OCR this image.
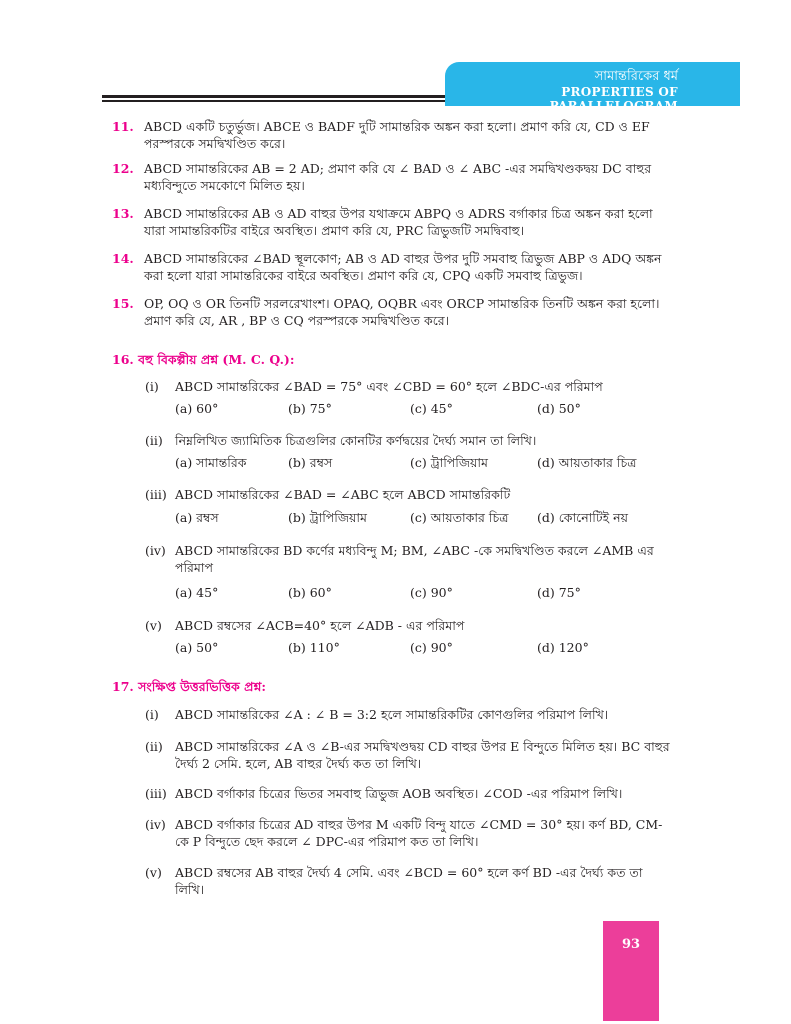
সামান্তরিকের ধর্ম
PROPERTIES OF PARALLELOGRAM
11. ABCD একটি চতুর্ভুজ। ABCE ও BADF দুটি সামান্তরিক অঙ্কন করা হলো। প্রমাণ করি যে, CD ও EF পরস্পরকে সমদ্বিখণ্ডিত করে।
12. ABCD সামান্তরিকের AB = 2 AD; প্রমাণ করি যে ∠ BAD ও ∠ ABC -এর সমদ্বিখণ্ডকদ্বয় DC বাহুর মধ্যবিন্দুতে সমকোণে মিলিত হয়।
13. ABCD সামান্তরিকের AB ও AD বাহুর উপর যথাক্রমে ABPQ ও ADRS বর্গাকার চিত্র অঙ্কন করা হলো যারা সামান্তরিকটির বাইরে অবস্থিত। প্রমাণ করি যে, PRC ত্রিভুজটি সমদ্বিবাহু।
14. ABCD সামান্তরিকের ∠BAD স্থূলকোণ; AB ও AD বাহুর উপর দুটি সমবাহু ত্রিভুজ ABP ও ADQ অঙ্কন করা হলো যারা সামান্তরিকের বাইরে অবস্থিত। প্রমাণ করি যে, CPQ একটি সমবাহু ত্রিভুজ।
15. OP, OQ ও OR তিনটি সরলরেখাংশ। OPAQ, OQBR এবং ORCP সামান্তরিক তিনটি অঙ্কন করা হলো। প্রমাণ করি যে, AR , BP ও CQ পরস্পরকে সমদ্বিখণ্ডিত করে।
16. বহু বিকল্পীয় প্রশ্ন (M. C. Q.):
(i) ABCD সামান্তরিকের ∠BAD = 75° এবং ∠CBD = 60° হলে ∠BDC-এর পরিমাপ
(a) 60°	(b) 75°	(c) 45°	(d) 50°
(ii) নিম্নলিখিত জ্যামিতিক চিত্রগুলির কোনটির কর্ণদ্বয়ের দৈর্ঘ্য সমান তা লিখি।
(a) সামান্তরিক	(b) রম্বস	(c) ট্রাপিজিয়াম	(d) আয়তাকার চিত্র
(iii) ABCD সামান্তরিকের ∠BAD = ∠ABC হলে ABCD সামান্তরিকটি
(a) রম্বস	(b) ট্রাপিজিয়াম	(c) আয়তাকার চিত্র (d) কোনোটিই নয়
(iv) ABCD সামান্তরিকের BD কর্ণের মধ্যবিন্দু M; BM, ∠ABC -কে সমদ্বিখণ্ডিত করলে ∠AMB এর পরিমাপ
(a) 45°	(b) 60°	(c) 90°	(d) 75°
(v) ABCD রম্বসের ∠ACB=40° হলে ∠ADB - এর পরিমাপ
(a) 50°	(b) 110°	(c) 90°	(d) 120°
17. সংক্ষিপ্ত উত্তরভিত্তিক প্রশ্ন:
(i) ABCD সামান্তরিকের ∠A : ∠ B = 3:2 হলে সামান্তরিকটির কোণগুলির পরিমাপ লিখি।
(ii) ABCD সামান্তরিকের ∠A ও ∠B-এর সমদ্বিখণ্ডদ্বয় CD বাহুর উপর E বিন্দুতে মিলিত হয়। BC বাহুর দৈর্ঘ্য 2 সেমি. হলে, AB বাহুর দৈর্ঘ্য কত তা লিখি।
(iii) ABCD বর্গাকার চিত্রের ভিতর সমবাহু ত্রিভুজ AOB অবস্থিত। ∠COD -এর পরিমাপ লিখি।
(iv) ABCD বর্গাকার চিত্রের AD বাহুর উপর M একটি বিন্দু যাতে ∠CMD = 30° হয়। কর্ণ BD, CM-কে P বিন্দুতে ছেদ করলে ∠ DPC-এর পরিমাপ কত তা লিখি।
(v) ABCD রম্বসের AB বাহুর দৈর্ঘ্য 4 সেমি. এবং ∠BCD = 60° হলে কর্ণ BD -এর দৈর্ঘ্য কত তা লিখি।
93
